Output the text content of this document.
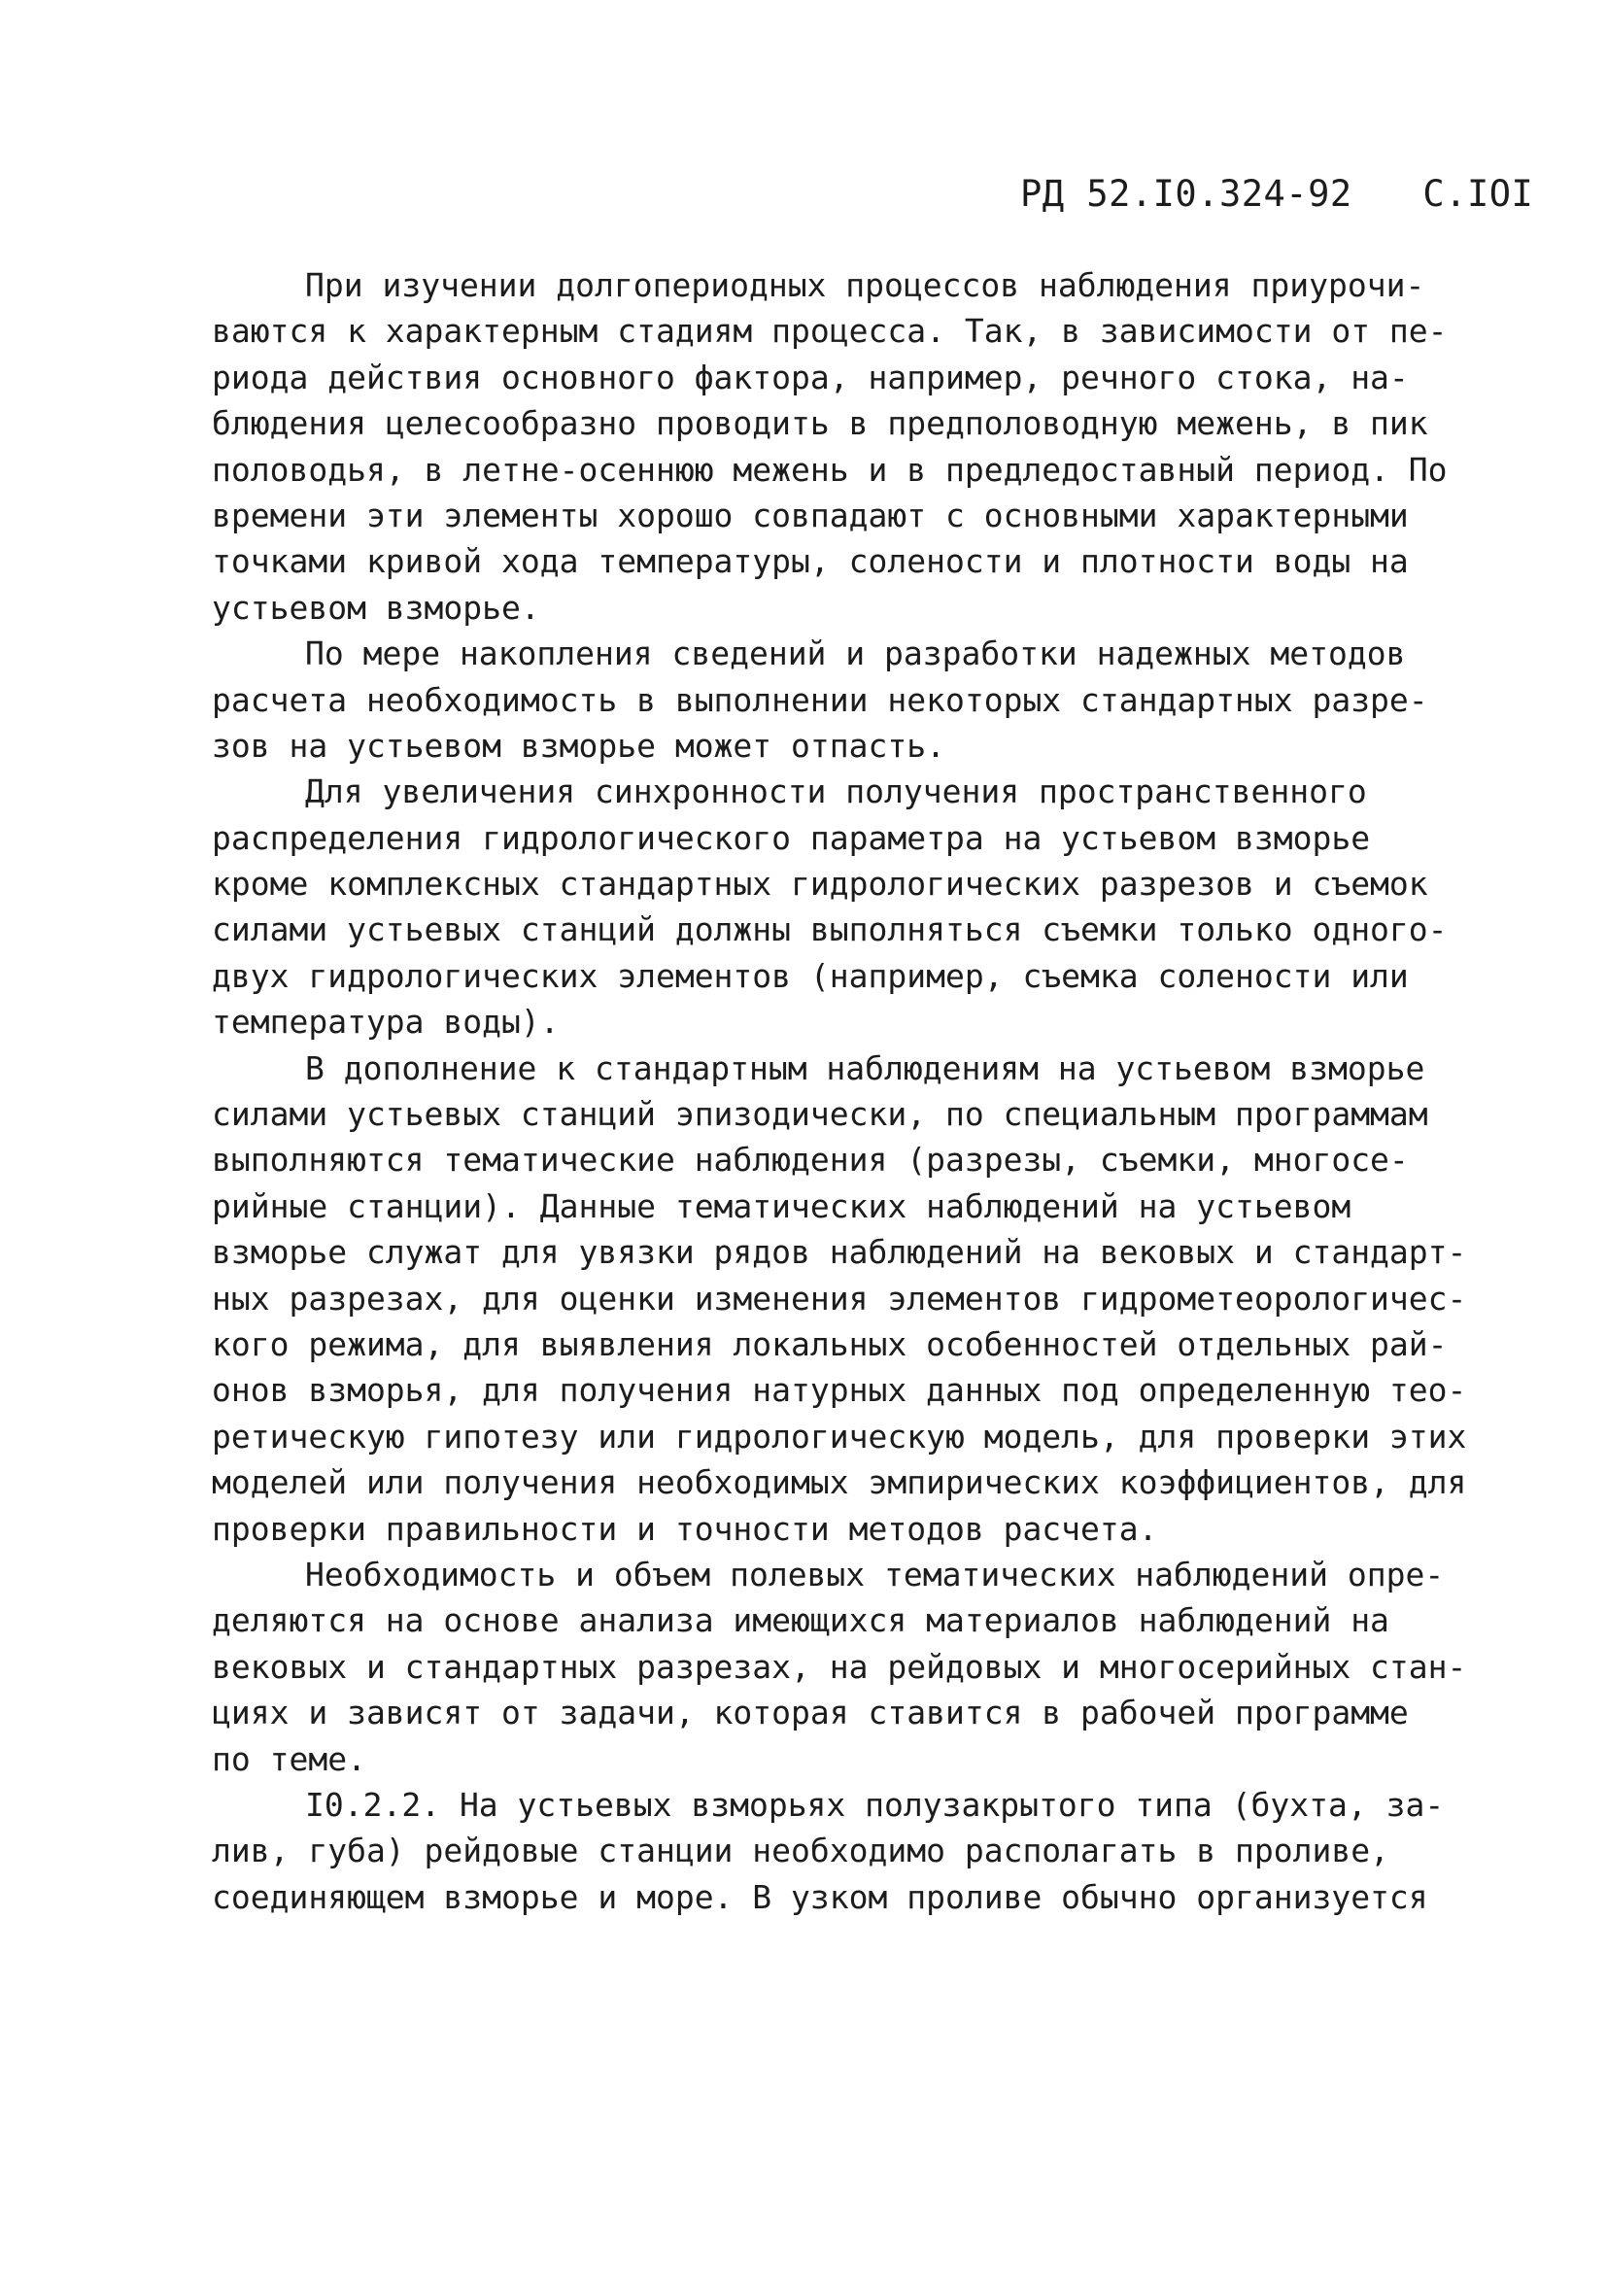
РД 52.I0.324-92 С.IOI
При изучении долгопериодных процессов наблюдения приурочи-
ваются к характерным стадиям процесса. Так, в зависимости от пе-
риода действия основного фактора, например, речного стока, на-
блюдения целесообразно проводить в предполоводную межень, в пик
половодья, в летне-осеннюю межень и в предледоставный период. По
времени эти элементы хорошо совпадают с основными характерными
точками кривой хода температуры, солености и плотности воды на
устьевом взморье.
По мере накопления сведений и разработки надежных методов
расчета необходимость в выполнении некоторых стандартных разре-
зов на устьевом взморье может отпасть.
Для увеличения синхронности получения пространственного
распределения гидрологического параметра на устьевом взморье
кроме комплексных стандартных гидрологических разрезов и съемок
силами устьевых станций должны выполняться съемки только одного-
двух гидрологических элементов (например, съемка солености или
температура воды).
В дополнение к стандартным наблюдениям на устьевом взморье
силами устьевых станций эпизодически, по специальным программам
выполняются тематические наблюдения (разрезы, съемки, многосе-
рийные станции). Данные тематических наблюдений на устьевом
взморье служат для увязки рядов наблюдений на вековых и стандарт-
ных разрезах, для оценки изменения элементов гидрометеорологичес-
кого режима, для выявления локальных особенностей отдельных рай-
онов взморья, для получения натурных данных под определенную тео-
ретическую гипотезу или гидрологическую модель, для проверки этих
моделей или получения необходимых эмпирических коэффициентов, для
проверки правильности и точности методов расчета.
Необходимость и объем полевых тематических наблюдений опре-
деляются на основе анализа имеющихся материалов наблюдений на
вековых и стандартных разрезах, на рейдовых и многосерийных стан-
циях и зависят от задачи, которая ставится в рабочей программе
по теме.
I0.2.2. На устьевых взморьях полузакрытого типа (бухта, за-
лив, губа) рейдовые станции необходимо располагать в проливе,
соединяющем взморье и море. В узком проливе обычно организуется
